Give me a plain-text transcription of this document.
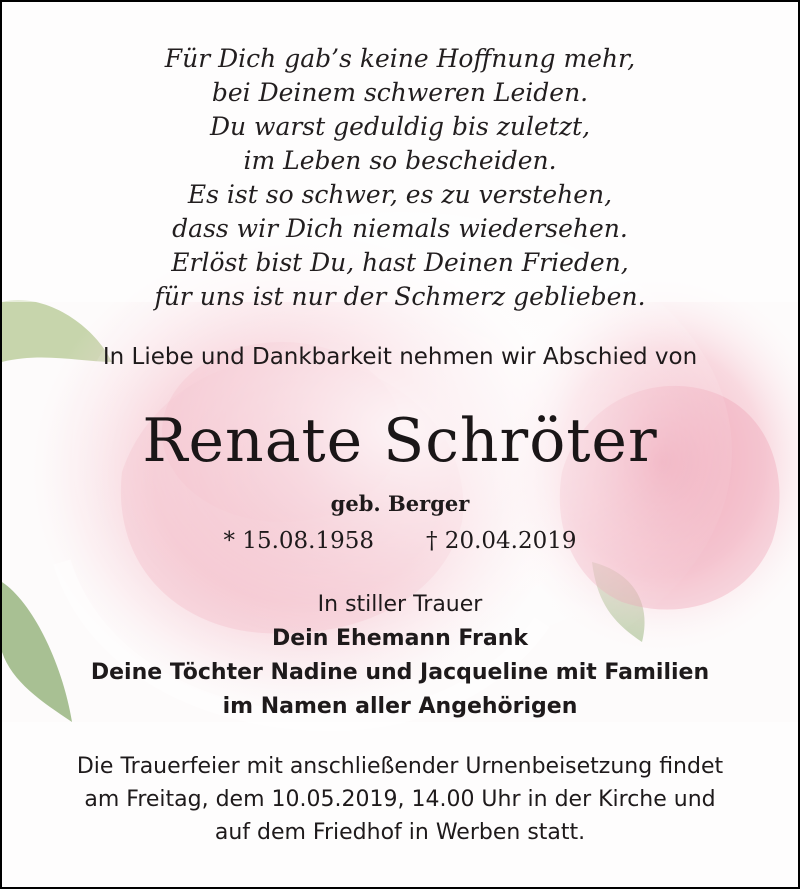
Für Dich gab’s keine Hoffnung mehr,
bei Deinem schweren Leiden.
Du warst geduldig bis zuletzt,
im Leben so bescheiden.
Es ist so schwer, es zu verstehen,
dass wir Dich niemals wiedersehen.
Erlöst bist Du, hast Deinen Frieden,
für uns ist nur der Schmerz geblieben.
In Liebe und Dankbarkeit nehmen wir Abschied von
Renate Schröter
geb. Berger
* 15.08.1958 † 20.04.2019
In stiller Trauer
Dein Ehemann Frank
Deine Töchter Nadine und Jacqueline mit Familien
im Namen aller Angehörigen
Die Trauerfeier mit anschließender Urnenbeisetzung findet
am Freitag, dem 10.05.2019, 14.00 Uhr in der Kirche und
auf dem Friedhof in Werben statt.
